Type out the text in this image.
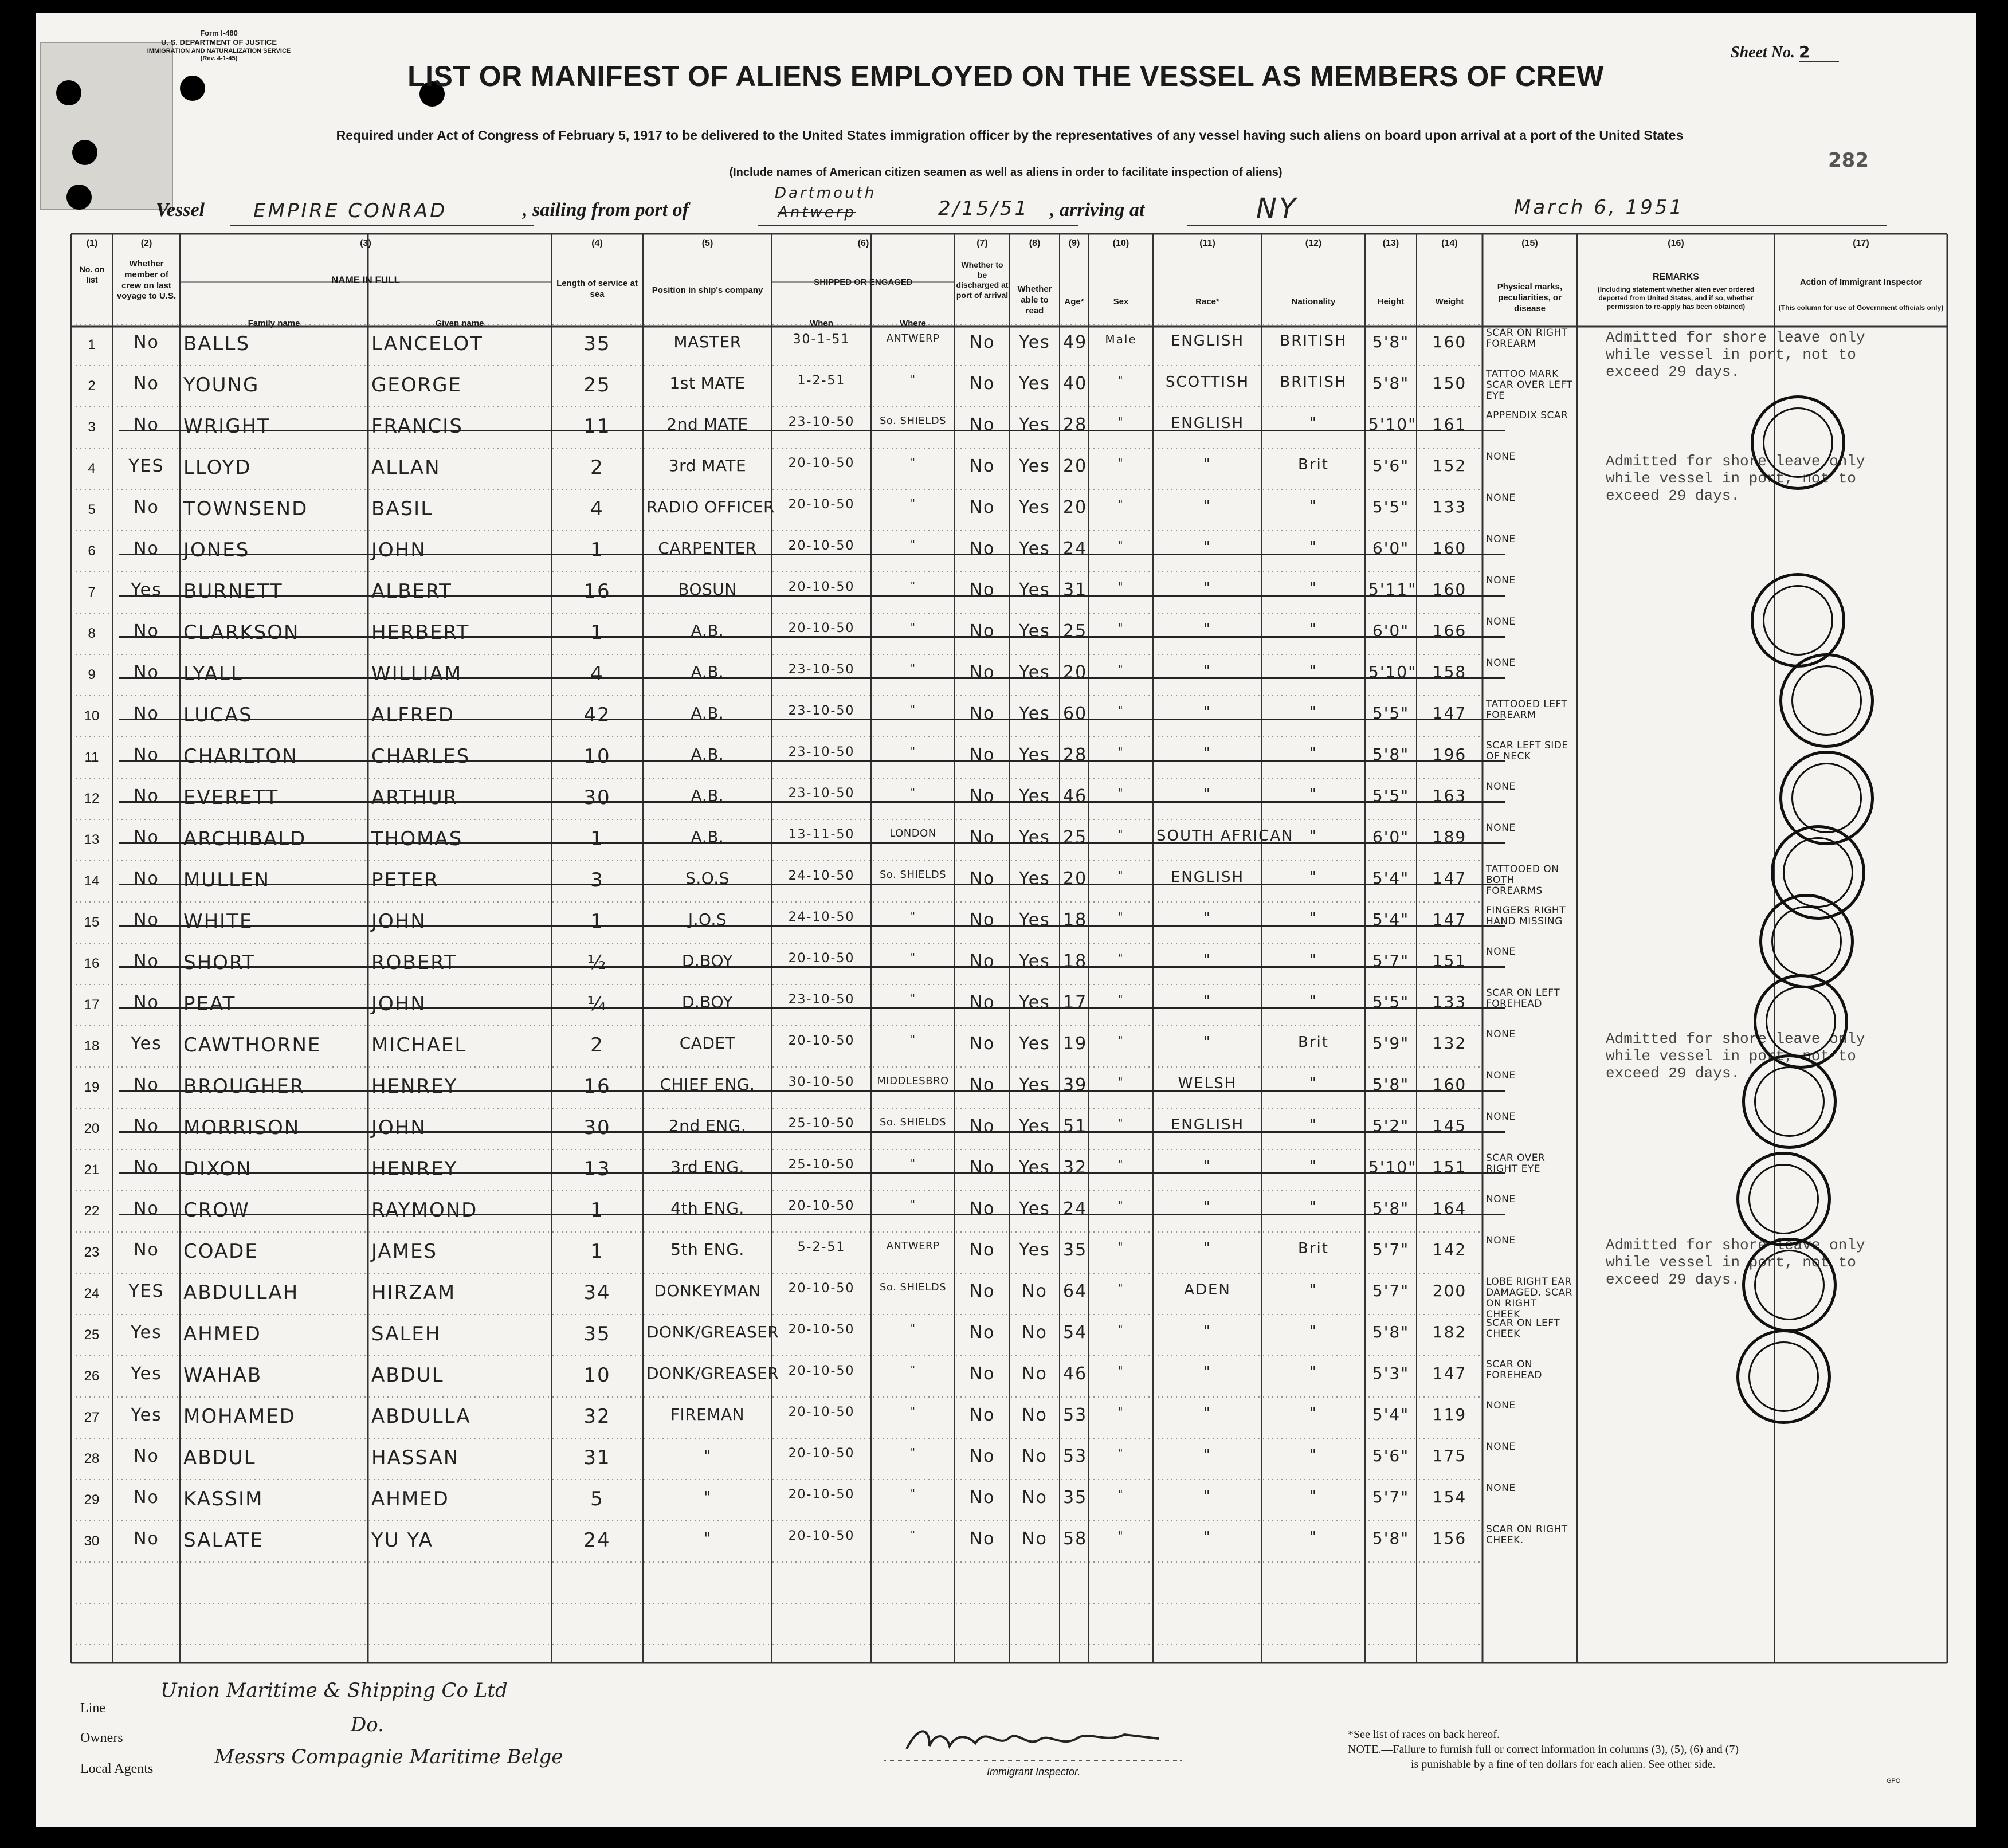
Form I-480
U. S. DEPARTMENT OF JUSTICE
IMMIGRATION AND NATURALIZATION SERVICE
(Rev. 4-1-45)	Sheet No. 2
282
LIST OR MANIFEST OF ALIENS EMPLOYED ON THE VESSEL AS MEMBERS OF CREW
Required under Act of Congress of February 5, 1917 to be delivered to the United States immigration officer by the representatives of any vessel having such aliens on board upon arrival at a port of the United States
(Include names of American citizen seamen as well as aliens in order to facilitate inspection of aliens)
Vessel	EMPIRE CONRAD	, sailing from port of	Antwerp
Dartmouth
2/15/51 , arriving at	NY	March 6, 1951
(1)	(2)	(3)	(4)	(5)	(6)	(7)	(8)	(9)	(10)	(11)	(12)	(13)	(14)	(15)	(16)	(17)
No. on list
Whether member of crew on last voyage to U.S.
NAME IN FULL
Family name	Given name
Length of service at sea	Position in ship's company
SHIPPED OR ENGAGED
When	Where
Whether to be discharged at port of arrival
Whether able to read
Age*	Sex	Race*	Nationality	Height	Weight
Physical marks, peculiarities, or disease
REMARKS
(Including statement whether alien ever ordered deported from United States, and if so, whether permission to re-apply has been obtained)
Action of Immigrant Inspector
(This column for use of Government officials only)
1	No	BALLS	LANCELOT	35	MASTER	30-1-51	ANTWERP	No	Yes 49	Male	ENGLISH	BRITISH	5'8"	160	SCAR ON RIGHT FOREARM
2	No	YOUNG	GEORGE	25	1st MATE	1-2-51	"	No	Yes 40	"	SCOTTISH	BRITISH	5'8"	150	TATTOO MARK SCAR OVER LEFT EYE
3	No	WRIGHT	FRANCIS	11	2nd MATE	23-10-50	So. SHIELDS	No	Yes 28	"	ENGLISH	"	5'10" 161	APPENDIX SCAR
4	YES LLOYD	ALLAN	2	3rd MATE	20-10-50	"	No	Yes 20	"	"	Brit	5'6"	152	NONE
5	No	TOWNSEND	BASIL	4	RADIO OFFICER	20-10-50	"	No	Yes 20	"	"	"	5'5"	133	NONE
6	No	JONES	JOHN	1	CARPENTER	20-10-50	"	No	Yes 24	"	"	"	6'0"	160	NONE
7	Yes	BURNETT	ALBERT	16	BOSUN	20-10-50	"	No	Yes 31	"	"	"	5'11" 160	NONE
8	No	CLARKSON	HERBERT	1	A.B.	20-10-50	"	No	Yes 25	"	"	"	6'0"	166	NONE
9	No	LYALL	WILLIAM	4	A.B.	23-10-50	"	No	Yes 20	"	"	"	5'10" 158	NONE
10	No	LUCAS	ALFRED	42	A.B.	23-10-50	"	No	Yes 60	"	"	"	5'5"	147	TATTOOED LEFT FOREARM
11	No	CHARLTON	CHARLES	10	A.B.	23-10-50	"	No	Yes 28	"	"	"	5'8"	196	SCAR LEFT SIDE OF NECK
12	No	EVERETT	ARTHUR	30	A.B.	23-10-50	"	No	Yes 46	"	"	"	5'5"	163	NONE
13	No	ARCHIBALD	THOMAS	1	A.B.	13-11-50	LONDON	No	Yes 25	"	SOUTH AFRICAN	"	6'0"	189	NONE
14	No	MULLEN	PETER	3	S.O.S	24-10-50	So. SHIELDS	No	Yes 20	"	ENGLISH	"	5'4"	147	TATTOOED ON BOTH FOREARMS
15	No	WHITE	JOHN	1	J.O.S	24-10-50	"	No	Yes 18	"	"	"	5'4"	147	FINGERS RIGHT HAND MISSING
16	No	SHORT	ROBERT	½	D.BOY	20-10-50	"	No	Yes 18	"	"	"	5'7"	151	NONE
17	No	PEAT	JOHN	¼	D.BOY	23-10-50	"	No	Yes 17	"	"	"	5'5"	133	SCAR ON LEFT FOREHEAD
18	Yes	CAWTHORNE	MICHAEL	2	CADET	20-10-50	"	No	Yes 19	"	"	Brit	5'9"	132	NONE
19	No	BROUGHER	HENREY	16	CHIEF ENG.	30-10-50	MIDDLESBRO	No	Yes 39	"	WELSH	"	5'8"	160	NONE
20	No	MORRISON	JOHN	30	2nd ENG.	25-10-50	So. SHIELDS	No	Yes 51	"	ENGLISH	"	5'2"	145	NONE
21	No	DIXON	HENREY	13	3rd ENG.	25-10-50	"	No	Yes 32	"	"	"	5'10" 151	SCAR OVER RIGHT EYE
22	No	CROW	RAYMOND	1	4th ENG.	20-10-50	"	No	Yes 24	"	"	"	5'8"	164	NONE
23	No	COADE	JAMES	1	5th ENG.	5-2-51	ANTWERP	No	Yes 35	"	"	Brit	5'7"	142	NONE
24	YES ABDULLAH	HIRZAM	34	DONKEYMAN	20-10-50	So. SHIELDS	No	No 64	"	ADEN	"	5'7"	200	LOBE RIGHT EAR DAMAGED. SCAR ON RIGHT CHEEK
25	Yes	AHMED	SALEH	35	DONK/GREASER 20-10-50	"	No	No 54	"	"	"	5'8"	182	SCAR ON LEFT CHEEK
26	Yes	WAHAB	ABDUL	10	DONK/GREASER 20-10-50	"	No	No 46	"	"	"	5'3"	147	SCAR ON FOREHEAD
27	Yes	MOHAMED	ABDULLA	32	FIREMAN	20-10-50	"	No	No 53	"	"	"	5'4"	119	NONE
28	No	ABDUL	HASSAN	31	"	20-10-50	"	No	No 53	"	"	"	5'6"	175	NONE
29	No	KASSIM	AHMED	5	"	20-10-50	"	No	No 35	"	"	"	5'7"	154	NONE
30	No	SALATE	YU YA	24	"	20-10-50	"	No	No 58	"	"	"	5'8"	156	SCAR ON RIGHT CHEEK.
Admitted for shore leave only
while vessel in port, not to
exceed 29 days.
Admitted for shore leave only
while vessel in port, not to
exceed 29 days.
Admitted for shore leave only
while vessel in port, not to
exceed 29 days.
Admitted for shore leave only
while vessel in port, not to
exceed 29 days.
Line
Union Maritime & Shipping Co Ltd
Owners
Do.
Local Agents
Messrs Compagnie Maritime Belge
Immigrant Inspector.
*See list of races on back hereof.
NOTE.—Failure to furnish full or correct information in columns (3), (5), (6) and (7)
is punishable by a fine of ten dollars for each alien. See other side.
GPO
